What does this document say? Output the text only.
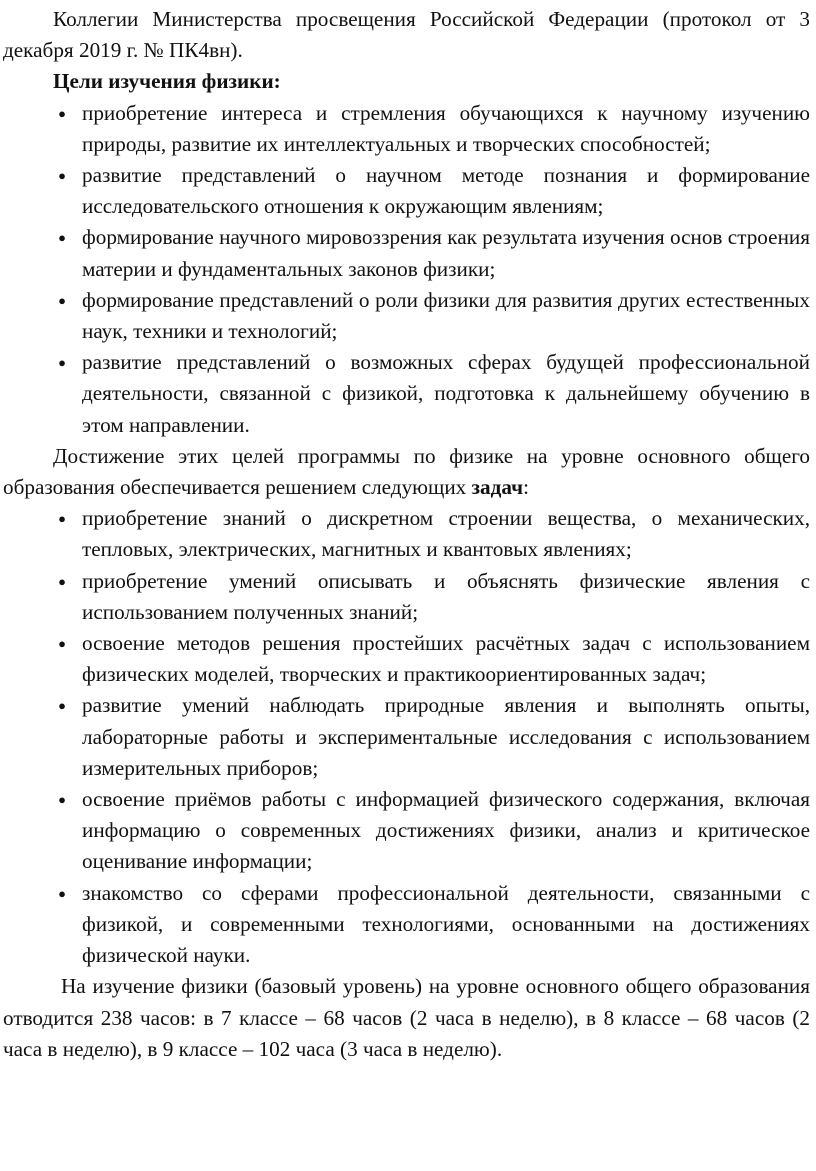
Коллегии Министерства просвещения Российской Федерации (протокол от 3 декабря 2019 г. № ПК4вн).

Цели изучения физики:

● приобретение интереса и стремления обучающихся к научному изучению природы, развитие их интеллектуальных и творческих способностей;
● развитие представлений о научном методе познания и формирование исследовательского отношения к окружающим явлениям;
● формирование научного мировоззрения как результата изучения основ строения материи и фундаментальных законов физики;
● формирование представлений о роли физики для развития других естественных наук, техники и технологий;
● развитие представлений о возможных сферах будущей профессиональной деятельности, связанной с физикой, подготовка к дальнейшему обучению в этом направлении.

Достижение этих целей программы по физике на уровне основного общего образования обеспечивается решением следующих задач:

● приобретение знаний о дискретном строении вещества, о механических, тепловых, электрических, магнитных и квантовых явлениях;
● приобретение умений описывать и объяснять физические явления с использованием полученных знаний;
● освоение методов решения простейших расчётных задач с использованием физических моделей, творческих и практикоориентированных задач;
● развитие умений наблюдать природные явления и выполнять опыты, лабораторные работы и экспериментальные исследования с использованием измерительных приборов;
● освоение приёмов работы с информацией физического содержания, включая информацию о современных достижениях физики, анализ и критическое оценивание информации;
● знакомство со сферами профессиональной деятельности, связанными с физикой, и современными технологиями, основанными на достижениях физической науки.

На изучение физики (базовый уровень) на уровне основного общего образования отводится 238 часов: в 7 классе – 68 часов (2 часа в неделю), в 8 классе – 68 часов (2 часа в неделю), в 9 классе – 102 часа (3 часа в неделю).
